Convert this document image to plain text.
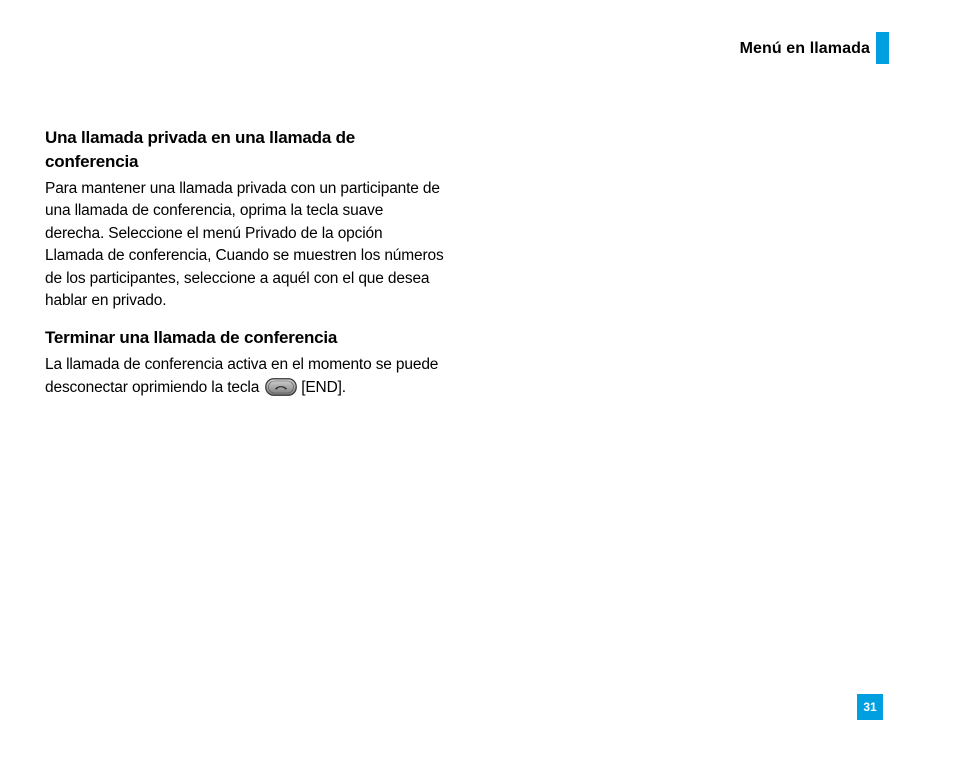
Menú en llamada
Una llamada privada en una llamada de conferencia

Para mantener una llamada privada con un participante de una llamada de conferencia, oprima la tecla suave derecha. Seleccione el menú Privado de la opción Llamada de conferencia, Cuando se muestren los números de los participantes, seleccione a aquél con el que desea hablar en privado.

Terminar una llamada de conferencia

La llamada de conferencia activa en el momento se puede desconectar oprimiendo la tecla	[END].

31
